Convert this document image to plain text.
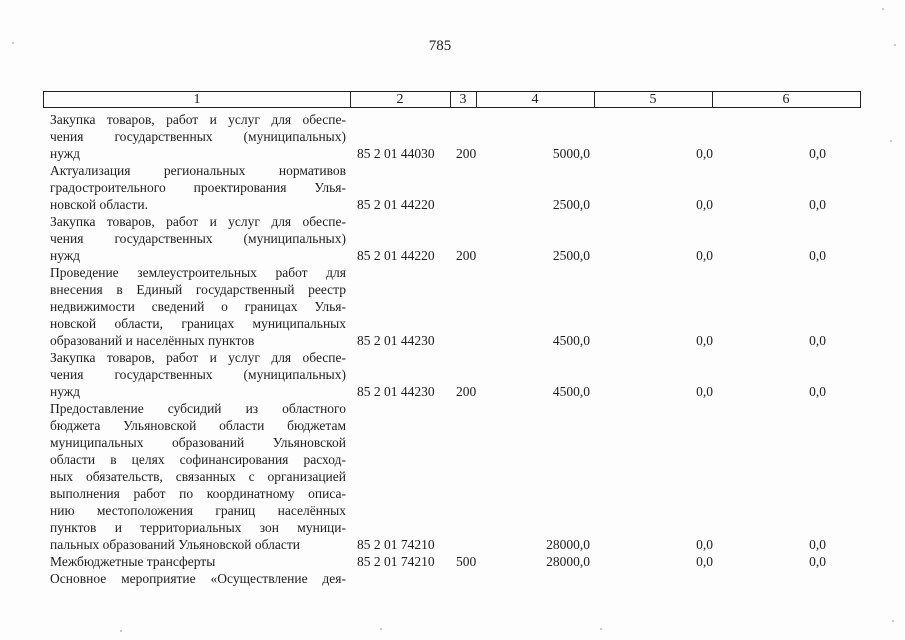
785
1	2	3	4	5	6
Закупка товаров, работ и услуг для обеспе-
чения государственных (муниципальных)
нужд	85 2 01 44030 200	5000,0	0,0	0,0
Актуализация региональных нормативов
градостроительного проектирования Улья-
новской области.	85 2 01 44220	2500,0	0,0	0,0
Закупка товаров, работ и услуг для обеспе-
чения государственных (муниципальных)
нужд	85 2 01 44220 200	2500,0	0,0	0,0
Проведение землеустроительных работ для
внесения в Единый государственный реестр
недвижимости сведений о границах Улья-
новской области, границах муниципальных
образований и населённых пунктов	85 2 01 44230	4500,0	0,0	0,0
Закупка товаров, работ и услуг для обеспе-
чения государственных (муниципальных)
нужд	85 2 01 44230 200	4500,0	0,0	0,0
Предоставление субсидий из областного
бюджета Ульяновской области бюджетам
муниципальных образований Ульяновской
области в целях софинансирования расход-
ных обязательств, связанных с организацией
выполнения работ по координатному описа-
нию местоположения границ населённых
пунктов и территориальных зон муници-
пальных образований Ульяновской области	85 2 01 74210	28000,0	0,0	0,0
Межбюджетные трансферты	85 2 01 74210 500	28000,0	0,0	0,0
Основное мероприятие «Осуществление дея-
